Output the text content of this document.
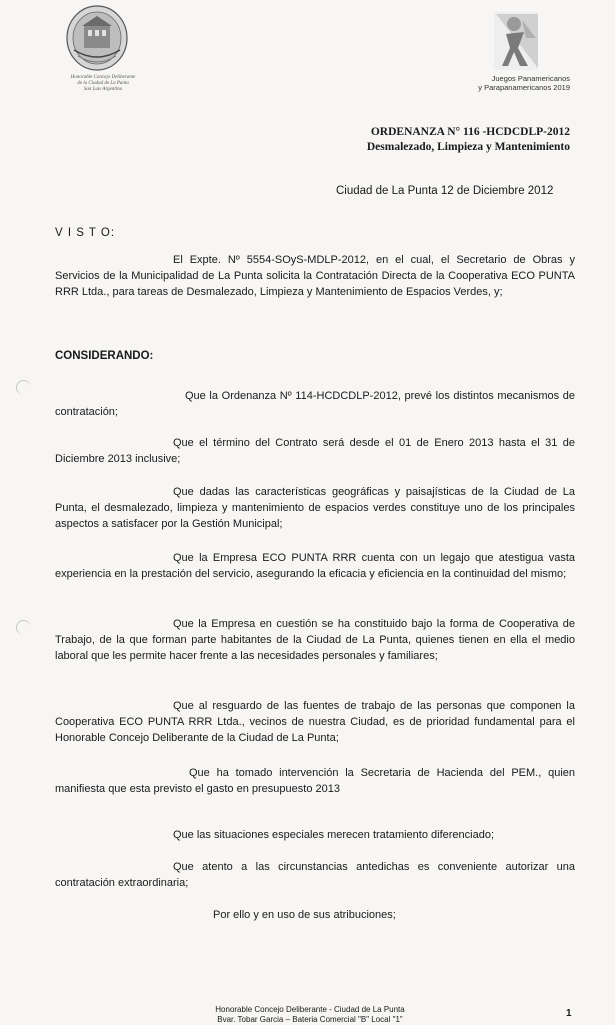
Honorable Concejo Deliberante
de la Ciudad de La Punta
San Luis Argentina
Juegos Panamericanos
y Parapanamericanos 2019
ORDENANZA N° 116 -HCDCDLP-2012
Desmalezado, Limpieza y Mantenimiento
Ciudad de La Punta 12 de Diciembre 2012
V I S T O:
El Expte. Nº 5554-SOyS-MDLP-2012, en el cual, el Secretario de Obras y Servicios de la Municipalidad de La Punta solicita la Contratación Directa de la Cooperativa ECO PUNTA RRR Ltda., para tareas de Desmalezado, Limpieza y Mantenimiento de Espacios Verdes, y;
CONSIDERANDO:
Que la Ordenanza Nº 114-HCDCDLP-2012, prevé los distintos mecanismos de contratación;
Que el término del Contrato será desde el 01 de Enero 2013 hasta el 31 de Diciembre 2013 inclusive;
Que dadas las características geográficas y paisajísticas de la Ciudad de La Punta, el desmalezado, limpieza y mantenimiento de espacios verdes constituye uno de los principales aspectos a satisfacer por la Gestión Municipal;
Que la Empresa ECO PUNTA RRR cuenta con un legajo que atestigua vasta experiencia en la prestación del servicio, asegurando la eficacia y eficiencia en la continuidad del mismo;
Que la Empresa en cuestión se ha constituido bajo la forma de Cooperativa de Trabajo, de la que forman parte habitantes de la Ciudad de La Punta, quienes tienen en ella el medio laboral que les permite hacer frente a las necesidades personales y familiares;
Que al resguardo de las fuentes de trabajo de las personas que componen la Cooperativa ECO PUNTA RRR Ltda., vecinos de nuestra Ciudad, es de prioridad fundamental para el Honorable Concejo Deliberante de la Ciudad de La Punta;
Que ha tomado intervención la Secretaria de Hacienda del PEM., quien manifiesta que esta previsto el gasto en presupuesto 2013
Que las situaciones especiales merecen tratamiento diferenciado;
Que atento a las circunstancias antedichas es conveniente autorizar una contratación extraordinaria;
Por ello y en uso de sus atribuciones;
Honorable Concejo Deliberante - Ciudad de La Punta
Bvar. Tobar Garcia – Bateria Comercial "B" Local "1"
1
